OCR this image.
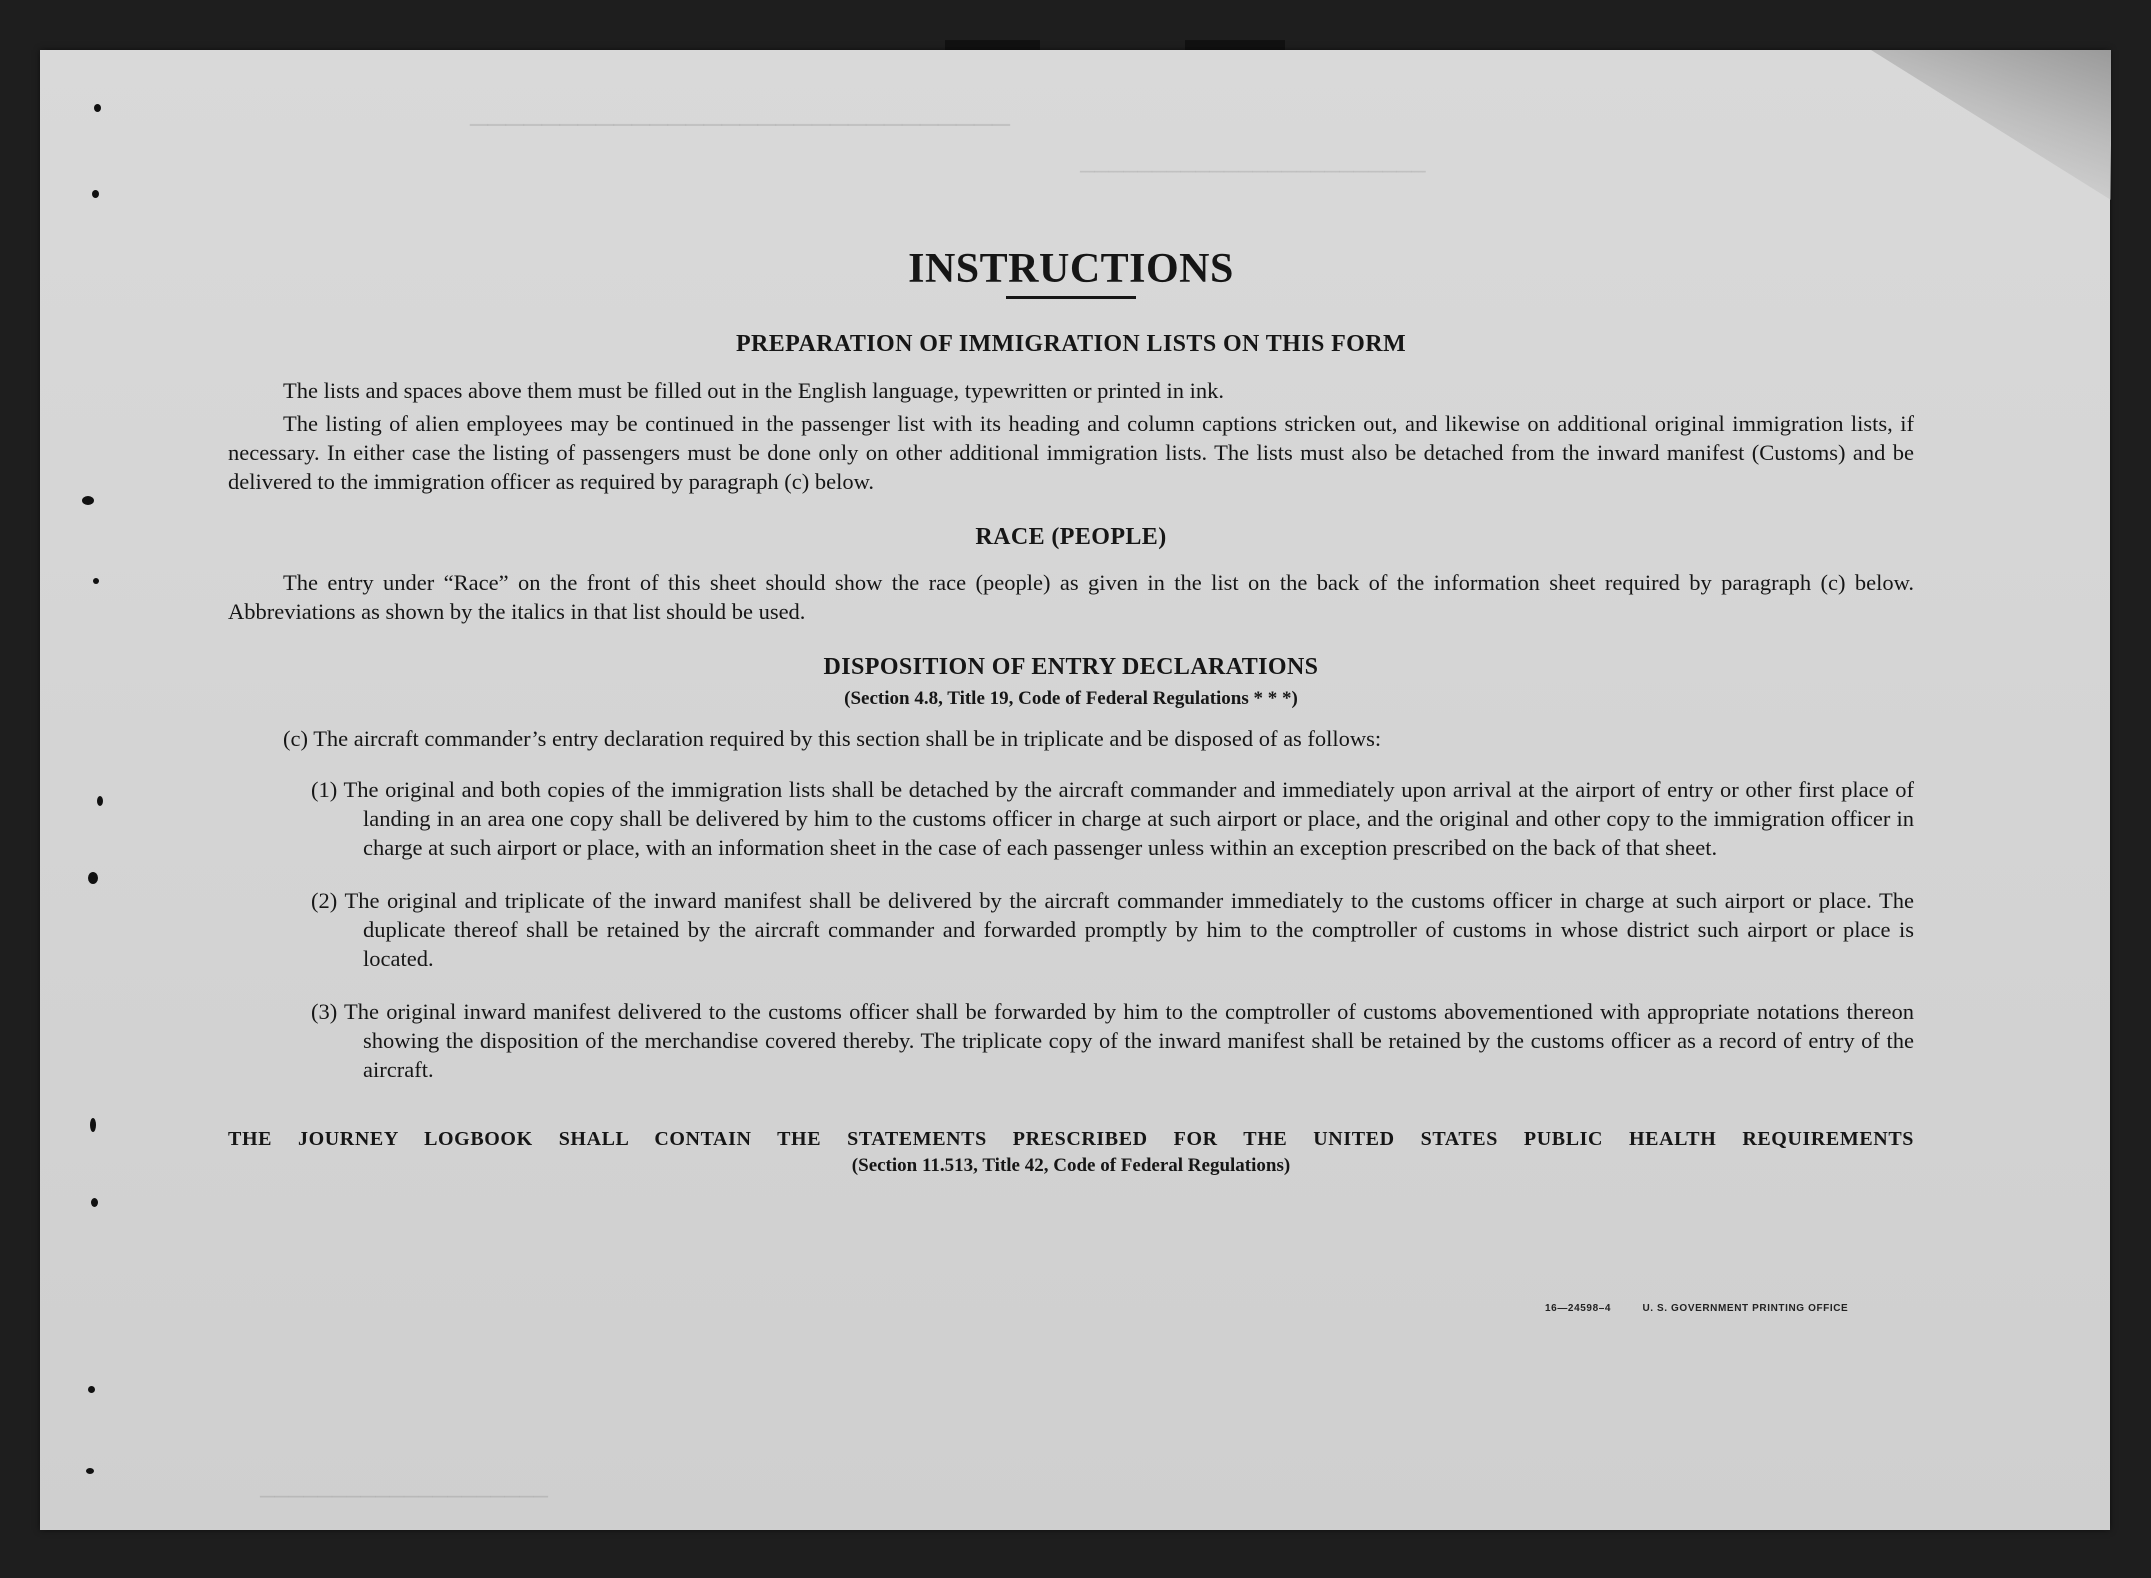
──────────────────────────────
────────────────────────
────────────────────
INSTRUCTIONS
PREPARATION OF IMMIGRATION LISTS ON THIS FORM

The lists and spaces above them must be filled out in the English language, typewritten or printed in ink.

The listing of alien employees may be continued in the passenger list with its heading and column captions stricken out, and likewise on additional original immigration lists, if necessary. In either case the listing of passengers must be done only on other additional immigration lists. The lists must also be detached from the inward manifest (Customs) and be delivered to the immigration officer as required by paragraph (c) below.

RACE (PEOPLE)

The entry under “Race” on the front of this sheet should show the race (people) as given in the list on the back of the information sheet required by paragraph (c) below. Abbreviations as shown by the italics in that list should be used.

DISPOSITION OF ENTRY DECLARATIONS
(Section 4.8, Title 19, Code of Federal Regulations * * *)

(c) The aircraft commander’s entry declaration required by this section shall be in triplicate and be disposed of as follows:

(1) The original and both copies of the immigration lists shall be detached by the aircraft commander and immediately upon arrival at the airport of entry or other first place of landing in an area one copy shall be delivered by him to the customs officer in charge at such airport or place, and the original and other copy to the immigration officer in charge at such airport or place, with an information sheet in the case of each passenger unless within an exception prescribed on the back of that sheet.
(2) The original and triplicate of the inward manifest shall be delivered by the aircraft commander immediately to the customs officer in charge at such airport or place. The duplicate thereof shall be retained by the aircraft commander and forwarded promptly by him to the comptroller of customs in whose district such airport or place is located.
(3) The original inward manifest delivered to the customs officer shall be forwarded by him to the comptroller of customs abovementioned with appropriate notations thereon showing the disposition of the merchandise covered thereby. The triplicate copy of the inward manifest shall be retained by the customs officer as a record of entry of the aircraft.
THE JOURNEY LOGBOOK SHALL CONTAIN THE STATEMENTS PRESCRIBED FOR THE UNITED STATES PUBLIC HEALTH REQUIREMENTS
(Section 11.513, Title 42, Code of Federal Regulations)
16—24598–4	U. S. GOVERNMENT PRINTING OFFICE
